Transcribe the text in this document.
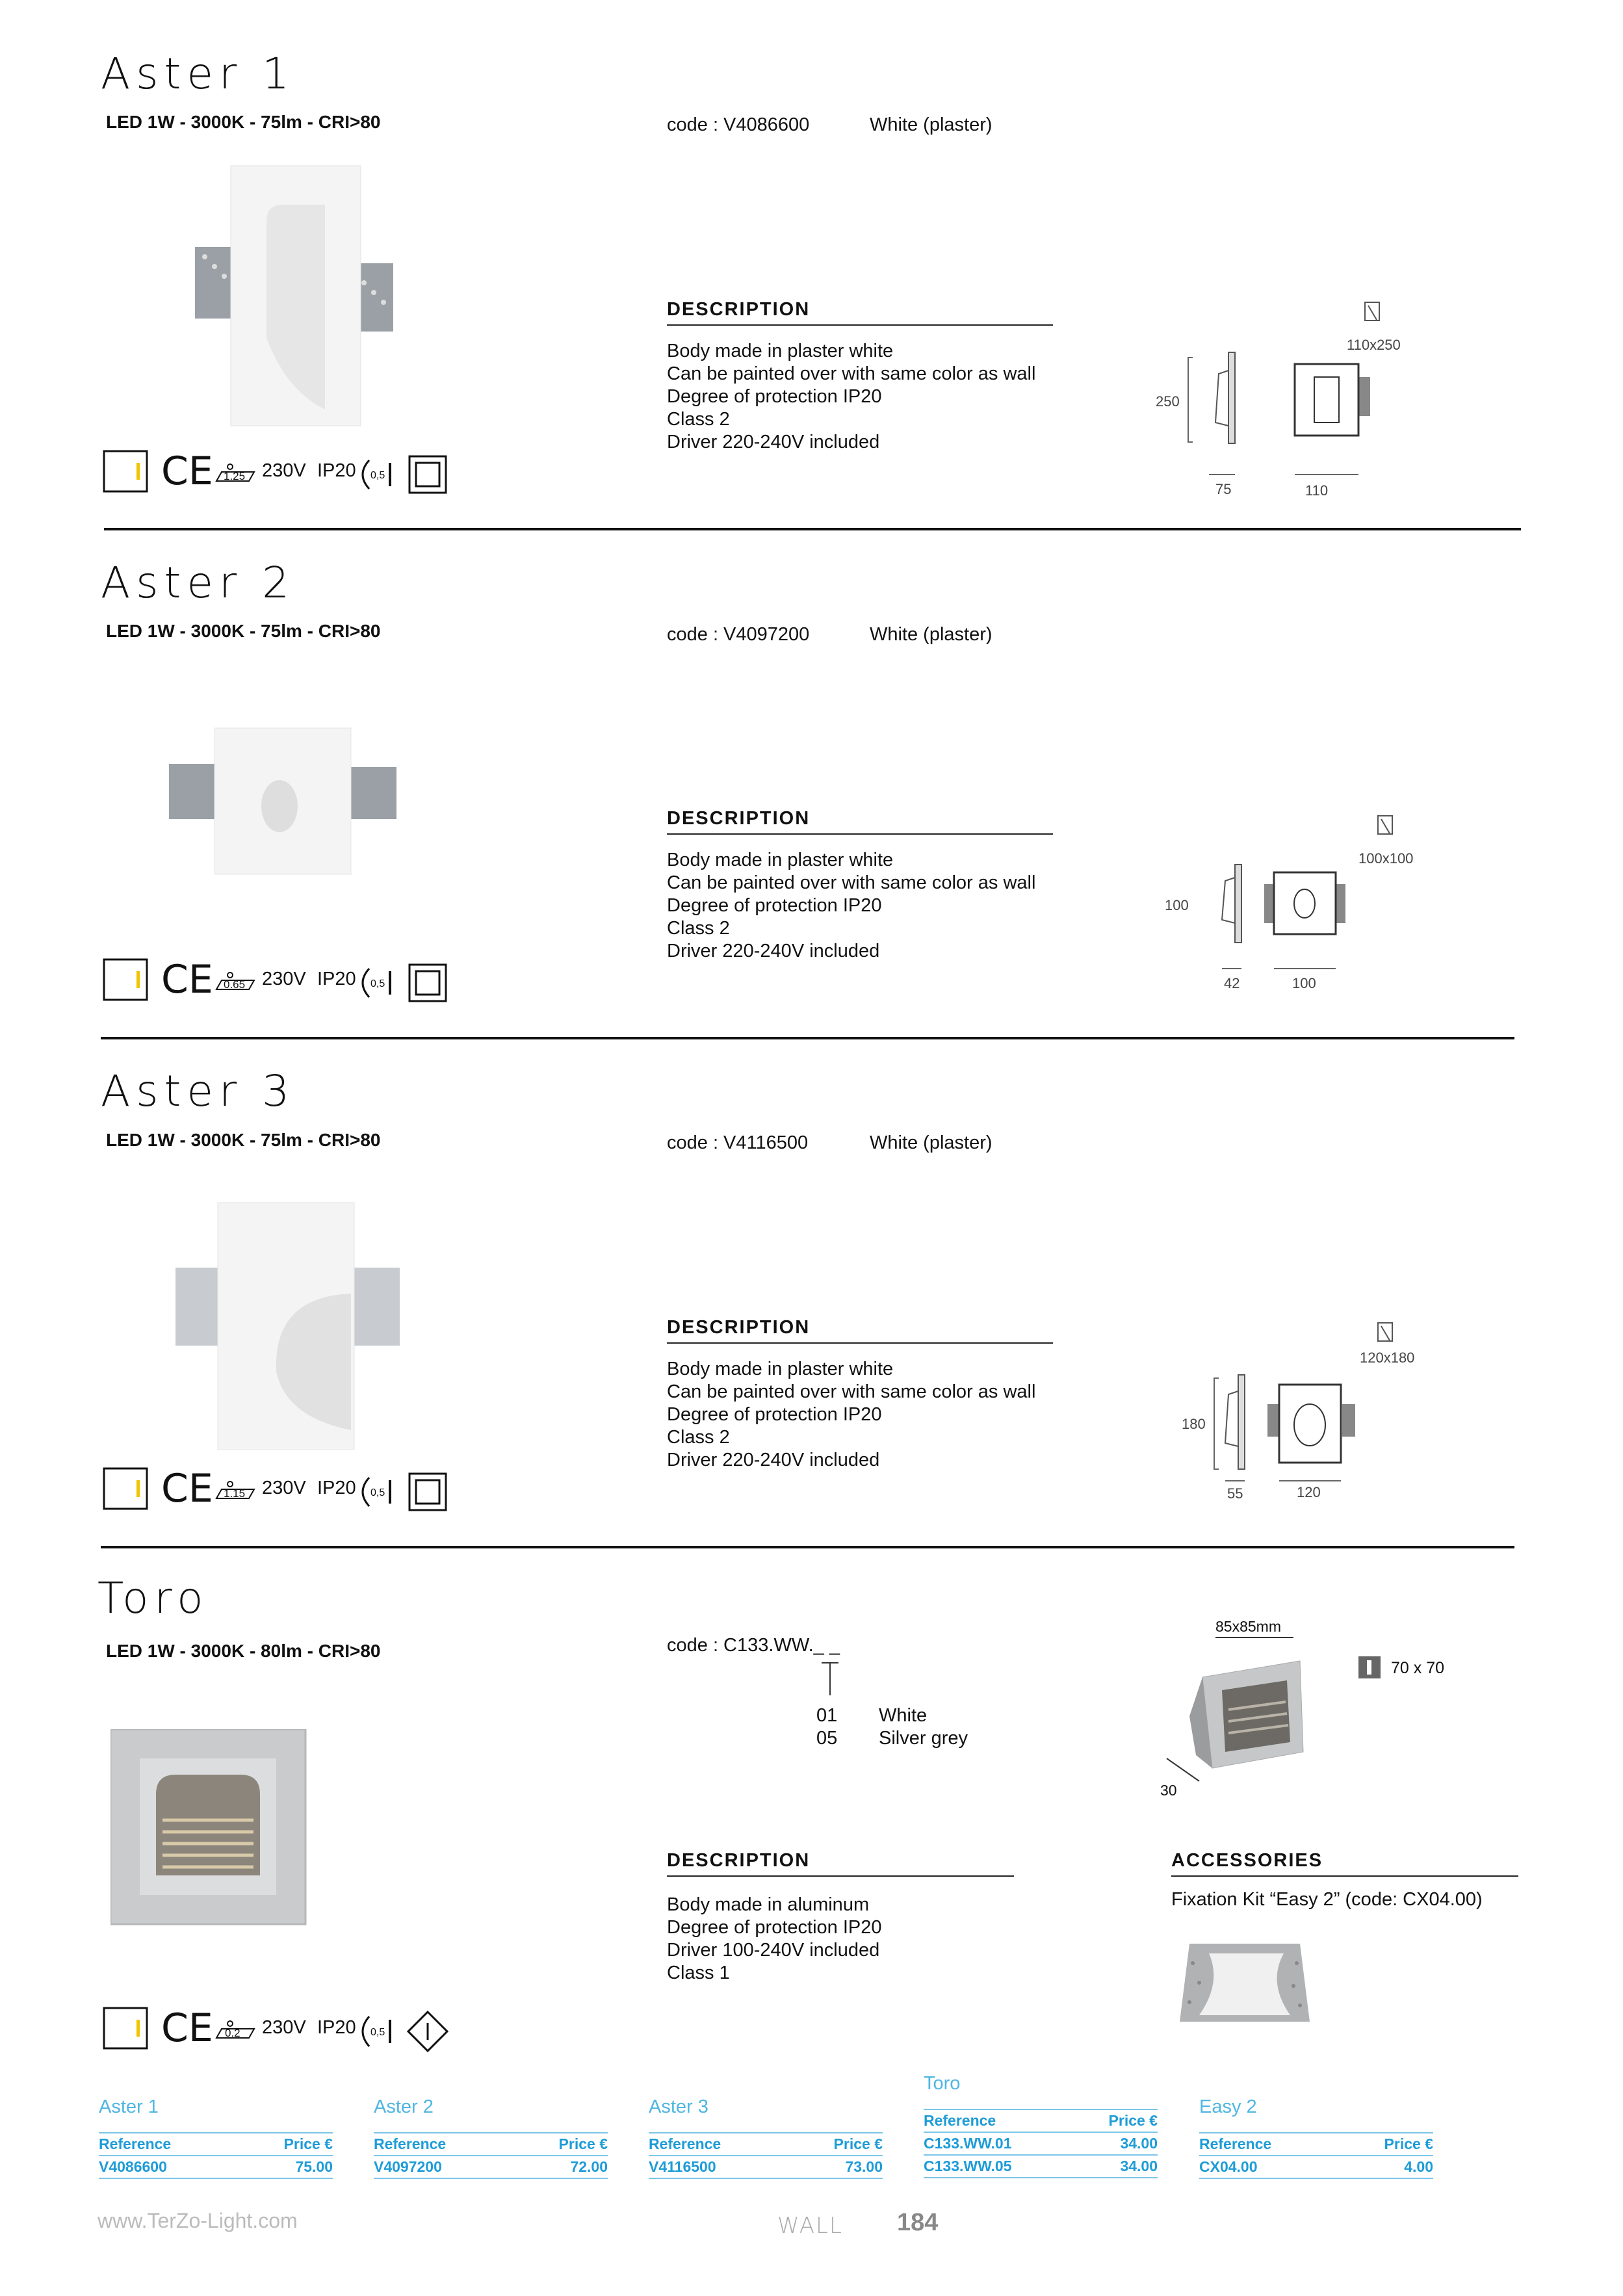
Aster 1
LED 1W - 3000K - 75lm - CRI>80	code : V4086600	White (plaster)
CE 1.25 230V IP20 0,5
DESCRIPTION
Body made in plaster white
Can be painted over with same color as wall
Degree of protection IP20
Class 2
Driver 220-240V included
110x250
250
75	110
Aster 2
LED 1W - 3000K - 75lm - CRI>80	code : V4097200	White (plaster)
CE 0.65 230V IP20 0,5
DESCRIPTION
Body made in plaster white
Can be painted over with same color as wall
Degree of protection IP20
Class 2
Driver 220-240V included
100x100
100
42	100
Aster 3
LED 1W - 3000K - 75lm - CRI>80	code : V4116500	White (plaster)
CE 1.15 230V IP20 0,5
DESCRIPTION
Body made in plaster white
Can be painted over with same color as wall
Degree of protection IP20
Class 2
Driver 220-240V included
120x180
180
55	120
Toro
LED 1W - 3000K - 80lm - CRI>80	code : C133.WW._ _
01 White
05 Silver grey
CE 0.2 230V IP20 0,5
DESCRIPTION
Body made in aluminum
Degree of protection IP20
Driver 100-240V included
Class 1
85x85mm
70 x 70
30
ACCESSORIES
Fixation Kit “Easy 2” (code: CX04.00)
Aster 1
Reference	Price €
V4086600	75.00
Aster 2
Reference	Price €
V4097200	72.00
Aster 3
Reference	Price €
V4116500	73.00
Toro
Reference	Price €
C133.WW.01	34.00
C133.WW.05	34.00
Easy 2
Reference	Price €
CX04.00	4.00
www.TerZo-Light.com	WALL 184
